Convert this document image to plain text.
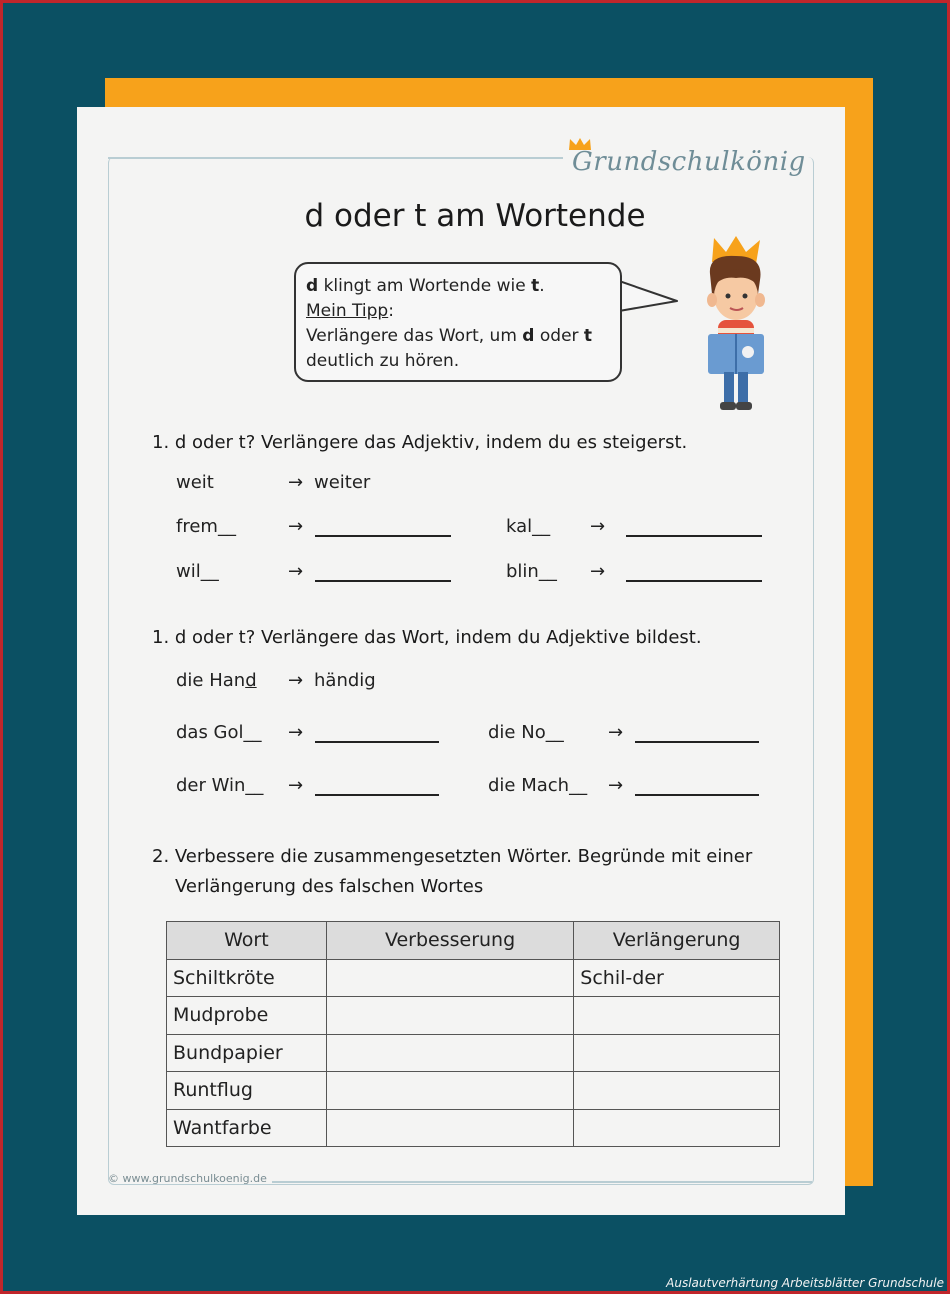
Grundschulkönig
d oder t am Wortende
d klingt am Wortende wie t.
Mein Tipp:
Verlängere das Wort, um d oder t
deutlich zu hören.
1. d oder t? Verlängere das Adjektiv, indem du es steigerst.
weit	→ weiter
frem__	→	kal__ →
wil__	→	blin__ →
1. d oder t? Verlängere das Wort, indem du Adjektive bildest.
die Hand → händig
das Gol__ →	die No__ →
der Win__ →	die Mach__ →
2. Verbessere die zusammengesetzten Wörter. Begründe mit einer
Verlängerung des falschen Wortes
Wort	Verbesserung	Verlängerung
Schiltkröte		Schil-der
Mudprobe		
Bundpapier		
Runtflug		
Wantfarbe		
© www.grundschulkoenig.de
Auslautverhärtung Arbeitsblätter Grundschule
